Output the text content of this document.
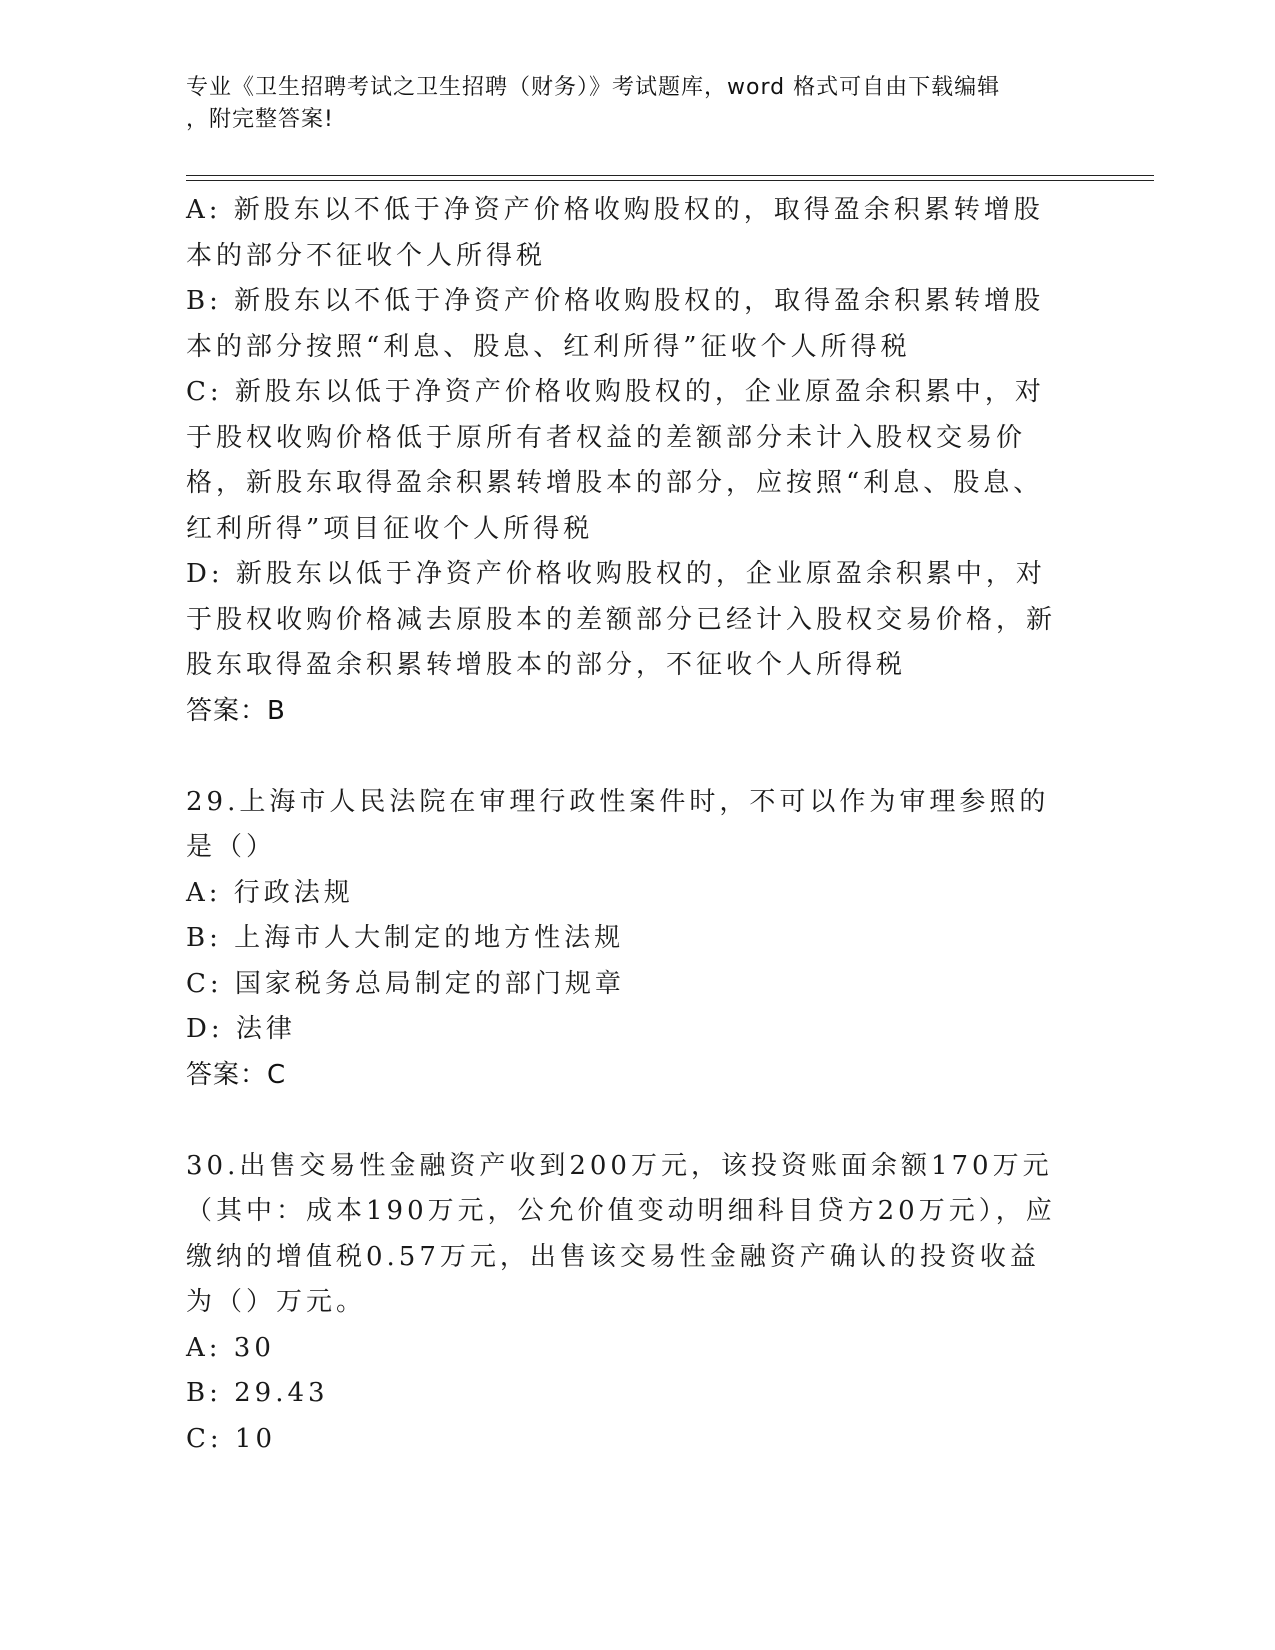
专业《卫生招聘考试之卫生招聘（财务）》考试题库，word 格式可自由下载编辑
，附完整答案!
A: 新股东以不低于净资产价格收购股权的，取得盈余积累转增股本的部分不征收个人所得税
B: 新股东以不低于净资产价格收购股权的，取得盈余积累转增股本的部分按照“利息、股息、红利所得”征收个人所得税
C: 新股东以低于净资产价格收购股权的，企业原盈余积累中，对于股权收购价格低于原所有者权益的差额部分未计入股权交易价格，新股东取得盈余积累转增股本的部分，应按照“利息、股息、红利所得”项目征收个人所得税
D: 新股东以低于净资产价格收购股权的，企业原盈余积累中，对于股权收购价格减去原股本的差额部分已经计入股权交易价格，新股东取得盈余积累转增股本的部分，不征收个人所得税
答案：B
29.上海市人民法院在审理行政性案件时，不可以作为审理参照的是（）
A: 行政法规
B: 上海市人大制定的地方性法规
C: 国家税务总局制定的部门规章
D: 法律
答案：C
30.出售交易性金融资产收到200万元，该投资账面余额170万元（其中：成本190万元，公允价值变动明细科目贷方20万元），应缴纳的增值税0.57万元，出售该交易性金融资产确认的投资收益为（）万元。
A: 30
B: 29.43
C: 10
